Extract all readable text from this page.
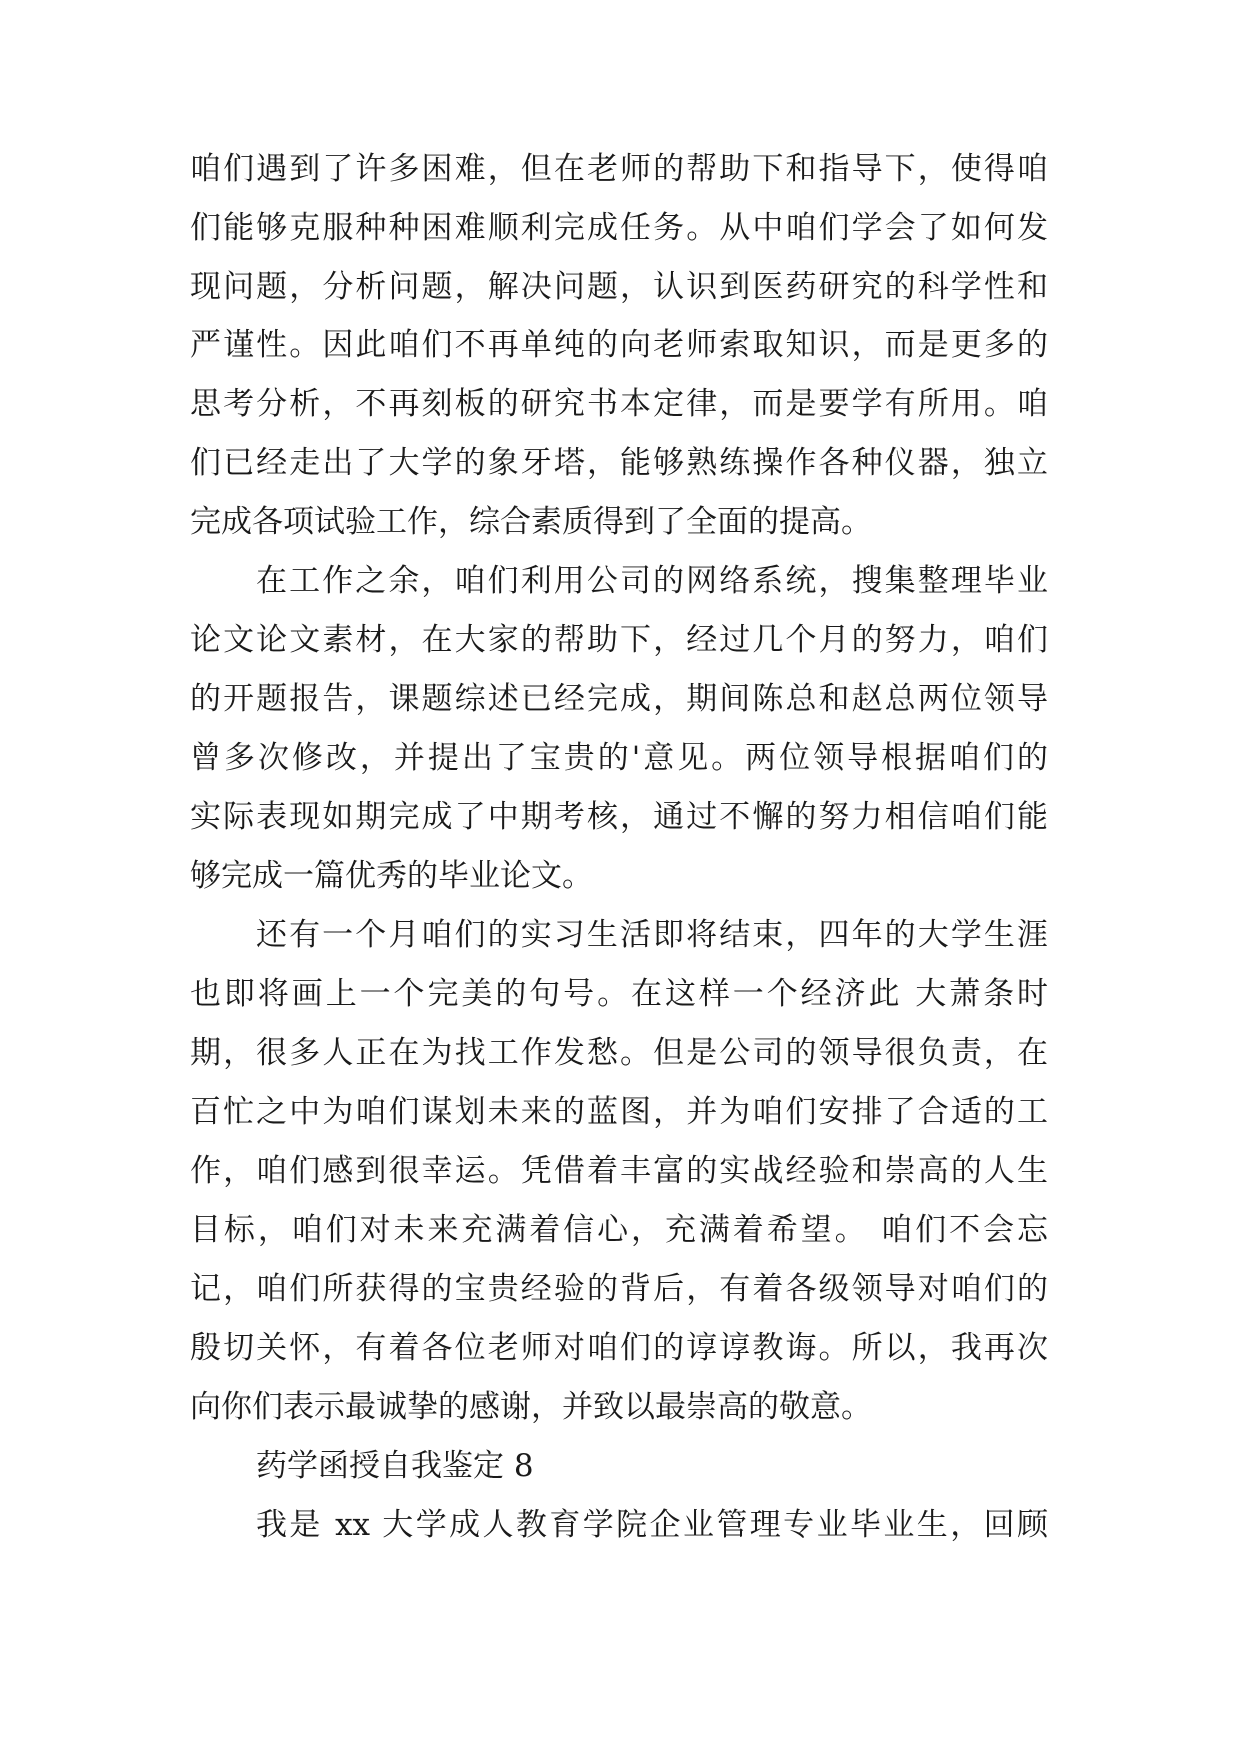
咱们遇到了许多困难，但在老师的帮助下和指导下，使得咱
们能够克服种种困难顺利完成任务。从中咱们学会了如何发
现问题，分析问题，解决问题，认识到医药研究的科学性和
严谨性。因此咱们不再单纯的向老师索取知识，而是更多的
思考分析，不再刻板的研究书本定律，而是要学有所用。咱
们已经走出了大学的象牙塔，能够熟练操作各种仪器，独立
完成各项试验工作，综合素质得到了全面的提高。
在工作之余，咱们利用公司的网络系统，搜集整理毕业
论文论文素材，在大家的帮助下，经过几个月的努力，咱们
的开题报告，课题综述已经完成，期间陈总和赵总两位领导
曾多次修改，并提出了宝贵的'意见。两位领导根据咱们的
实际表现如期完成了中期考核，通过不懈的努力相信咱们能
够完成一篇优秀的毕业论文。
还有一个月咱们的实习生活即将结束，四年的大学生涯
也即将画上一个完美的句号。在这样一个经济此 大萧条时
期，很多人正在为找工作发愁。但是公司的领导很负责，在
百忙之中为咱们谋划未来的蓝图，并为咱们安排了合适的工
作，咱们感到很幸运。凭借着丰富的实战经验和崇高的人生
目标，咱们对未来充满着信心，充满着希望。 咱们不会忘
记，咱们所获得的宝贵经验的背后，有着各级领导对咱们的
殷切关怀，有着各位老师对咱们的谆谆教诲。所以，我再次
向你们表示最诚挚的感谢，并致以最崇高的敬意。
药学函授自我鉴定 8
我是 xx 大学成人教育学院企业管理专业毕业生，回顾
